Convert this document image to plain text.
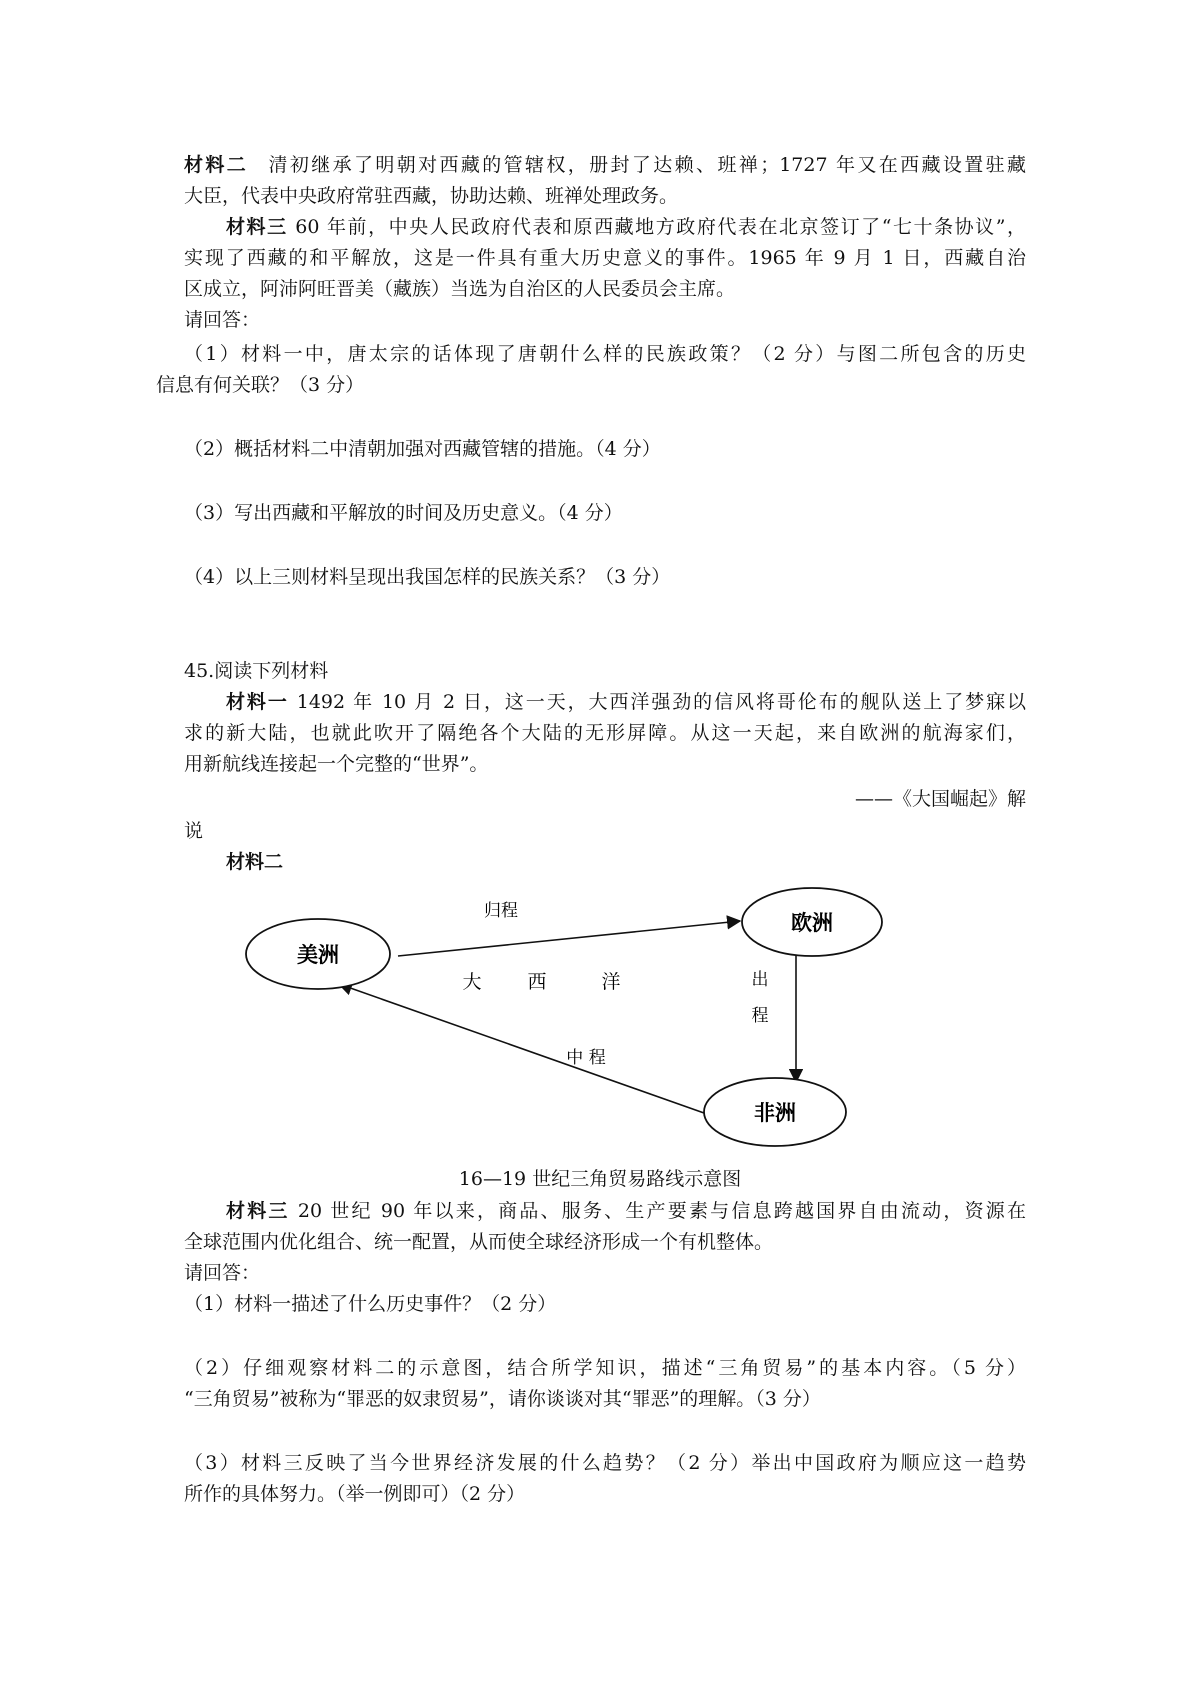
材料二 清初继承了明朝对西藏的管辖权，册封了达赖、班禅；1727 年又在西藏设置驻藏
大臣，代表中央政府常驻西藏，协助达赖、班禅处理政务。
材料三 60 年前，中央人民政府代表和原西藏地方政府代表在北京签订了“七十条协议”，
实现了西藏的和平解放，这是一件具有重大历史意义的事件。1965 年 9 月 1 日，西藏自治
区成立，阿沛阿旺晋美（藏族）当选为自治区的人民委员会主席。
请回答：
（1）材料一中，唐太宗的话体现了唐朝什么样的民族政策？（2 分）与图二所包含的历史
信息有何关联？（3 分）
（2）概括材料二中清朝加强对西藏管辖的措施。（4 分）
（3）写出西藏和平解放的时间及历史意义。（4 分）
（4）以上三则材料呈现出我国怎样的民族关系？（3 分）
45.阅读下列材料
材料一 1492 年 10 月 2 日，这一天，大西洋强劲的信风将哥伦布的舰队送上了梦寐以
求的新大陆，也就此吹开了隔绝各个大陆的无形屏障。从这一天起，来自欧洲的航海家们，
用新航线连接起一个完整的“世界”。
——《大国崛起》解
说
材料二
欧洲
美洲
非洲
归程
出
程
中 程
大 西	洋
16—19 世纪三角贸易路线示意图
材料三 20 世纪 90 年以来，商品、服务、生产要素与信息跨越国界自由流动，资源在
全球范围内优化组合、统一配置，从而使全球经济形成一个有机整体。
请回答：
（1）材料一描述了什么历史事件？（2 分）
（2）仔细观察材料二的示意图，结合所学知识，描述“三角贸易”的基本内容。（5 分）
“三角贸易”被称为“罪恶的奴隶贸易”，请你谈谈对其“罪恶”的理解。（3 分）
（3）材料三反映了当今世界经济发展的什么趋势？（2 分）举出中国政府为顺应这一趋势
所作的具体努力。（举一例即可）（2 分）
